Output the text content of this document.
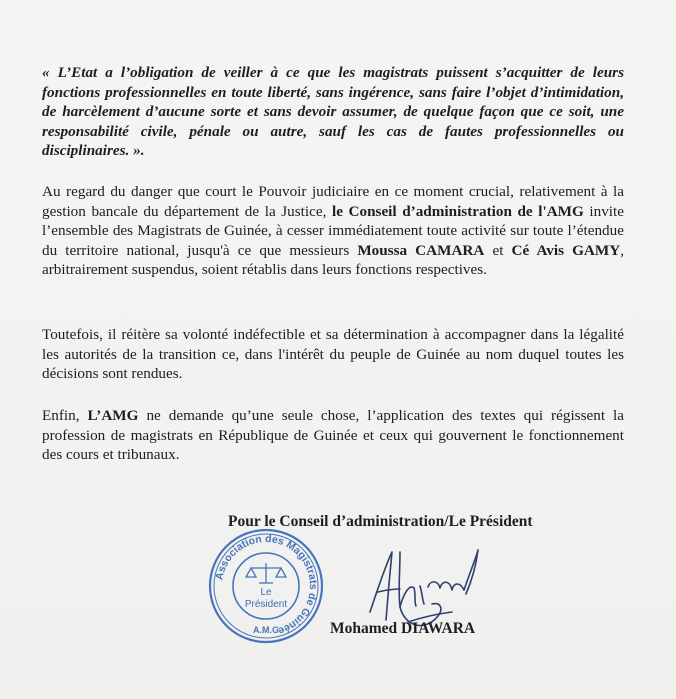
« L’Etat a l’obligation de veiller à ce que les magistrats puissent s’acquitter de leurs fonctions professionnelles en toute liberté, sans ingérence, sans faire l’objet d’intimidation, de harcèlement d’aucune sorte et sans devoir assumer, de quelque façon que ce soit, une responsabilité civile, pénale ou autre, sauf les cas de fautes professionnelles ou disciplinaires. ».
Au regard du danger que court le Pouvoir judiciaire en ce moment crucial, relativement à la gestion bancale du département de la Justice, le Conseil d’administration de l'AMG invite l’ensemble des Magistrats de Guinée, à cesser immédiatement toute activité sur toute l’étendue du territoire national, jusqu'à ce que messieurs Moussa CAMARA et Cé Avis GAMY, arbitrairement suspendus, soient rétablis dans leurs fonctions respectives.
Toutefois, il réitère sa volonté indéfectible et sa détermination à accompagner dans la légalité les autorités de la transition ce, dans l'intérêt du peuple de Guinée au nom duquel toutes les décisions sont rendues.
Enfin, L’AMG ne demande qu’une seule chose, l’application des textes qui régissent la profession de magistrats en République de Guinée et ceux qui gouvernent le fonctionnement des cours et tribunaux.
Pour le Conseil d’administration/Le Président
Association des Magistrats de Guinée
Le
Président
A.M.G	Mohamed DIAWARA
